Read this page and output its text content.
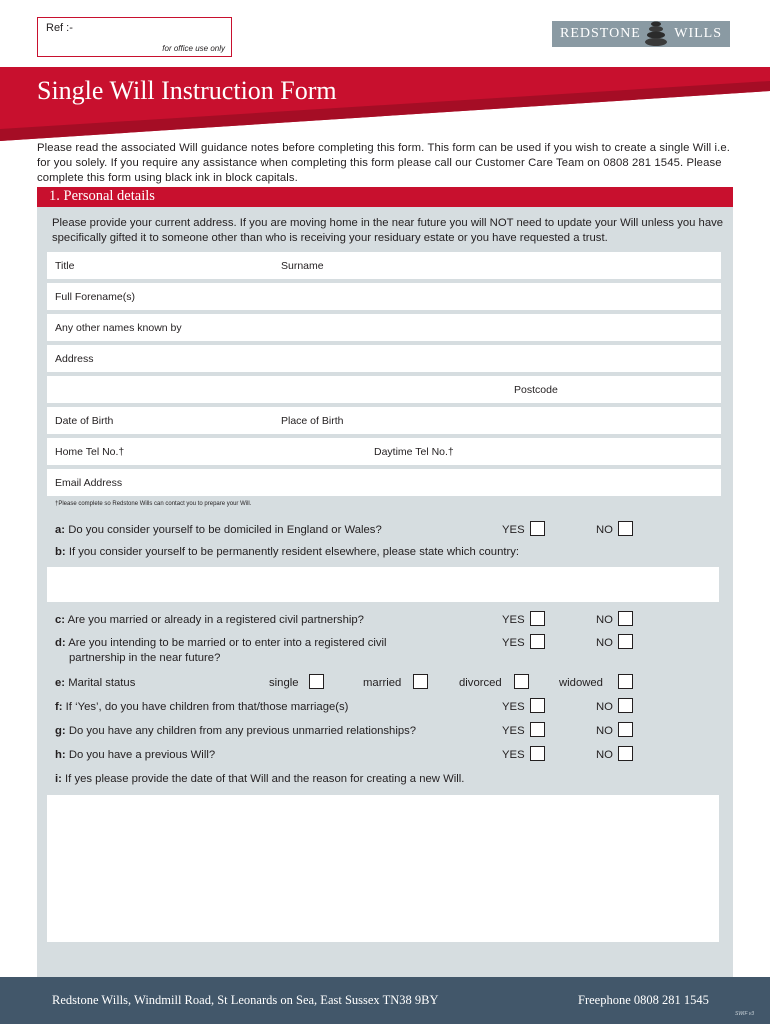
Ref :-
for office use only
REDSTONE WILLS
Single Will Instruction Form
Please read the associated Will guidance notes before completing this form. This form can be used if you wish to create a single Will i.e. for you solely. If you require any assistance when completing this form please call our Customer Care Team on 0808 281 1545. Please complete this form using black ink in block capitals.
1. Personal details
Please provide your current address. If you are moving home in the near future you will NOT need to update your Will unless you have specifically gifted it to someone other than who is receiving your residuary estate or you have requested a trust.
Title	Surname
Full Forename(s)
Any other names known by
Address
Postcode
Date of Birth	Place of Birth
Home Tel No.†	Daytime Tel No.†
Email Address
†Please complete so Redstone Wills can contact you to prepare your Will.
a: Do you consider yourself to be domiciled in England or Wales?	YES	NO
b: If you consider yourself to be permanently resident elsewhere, please state which country:
c: Are you married or already in a registered civil partnership?	YES	NO
d: Are you intending to be married or to enter into a registered civil
partnership in the near future?
YES	NO
e: Marital status	single	married	divorced	widowed
f: If ‘Yes’, do you have children from that/those marriage(s)	YES	NO
g: Do you have any children from any previous unmarried relationships?	YES	NO
h: Do you have a previous Will?	YES	NO
i: If yes please provide the date of that Will and the reason for creating a new Will.
Redstone Wills, Windmill Road, St Leonards on Sea, East Sussex TN38 9BY	Freephone 0808 281 1545
SWIF v3
